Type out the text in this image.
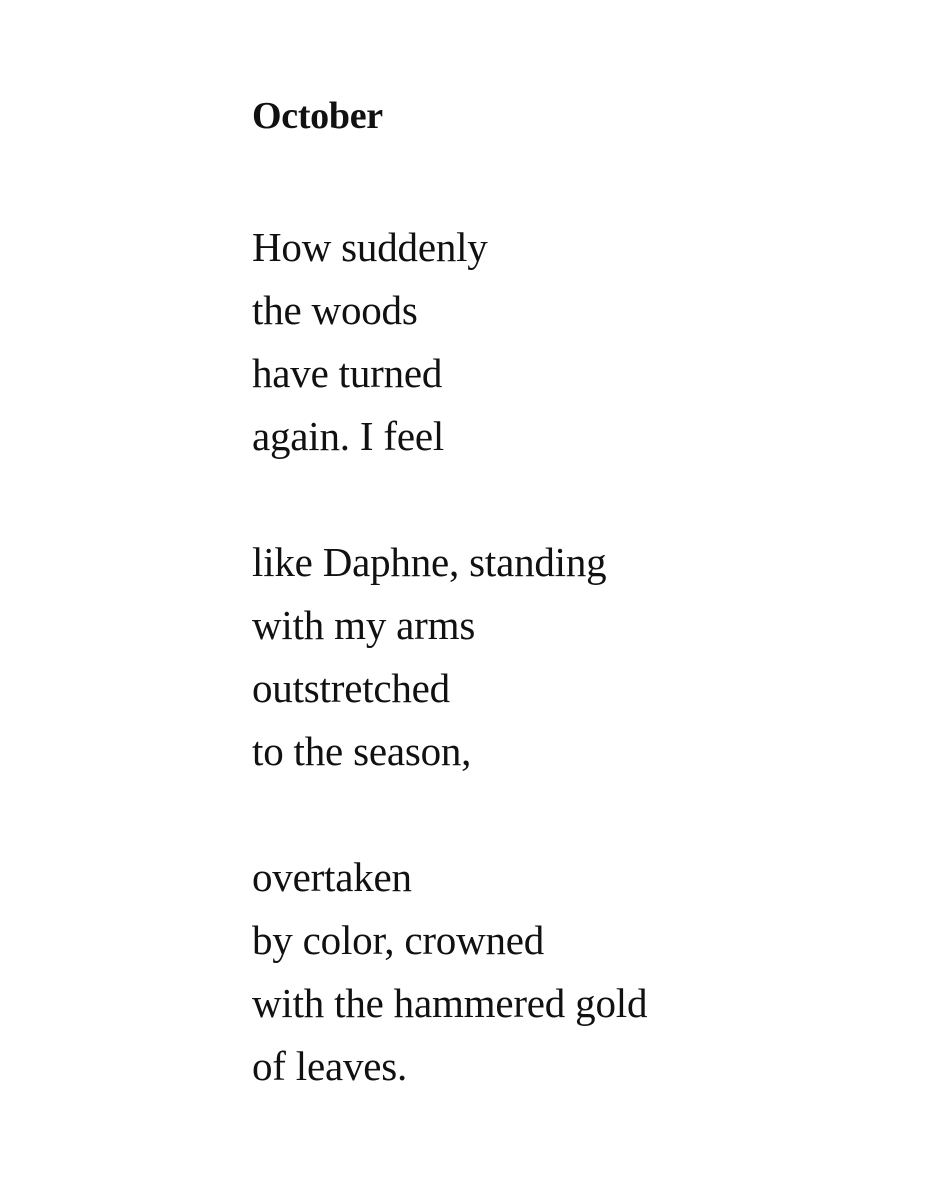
October
How suddenly
the woods
have turned
again. I feel
like Daphne, standing
with my arms
outstretched
to the season,
overtaken
by color, crowned
with the hammered gold
of leaves.
